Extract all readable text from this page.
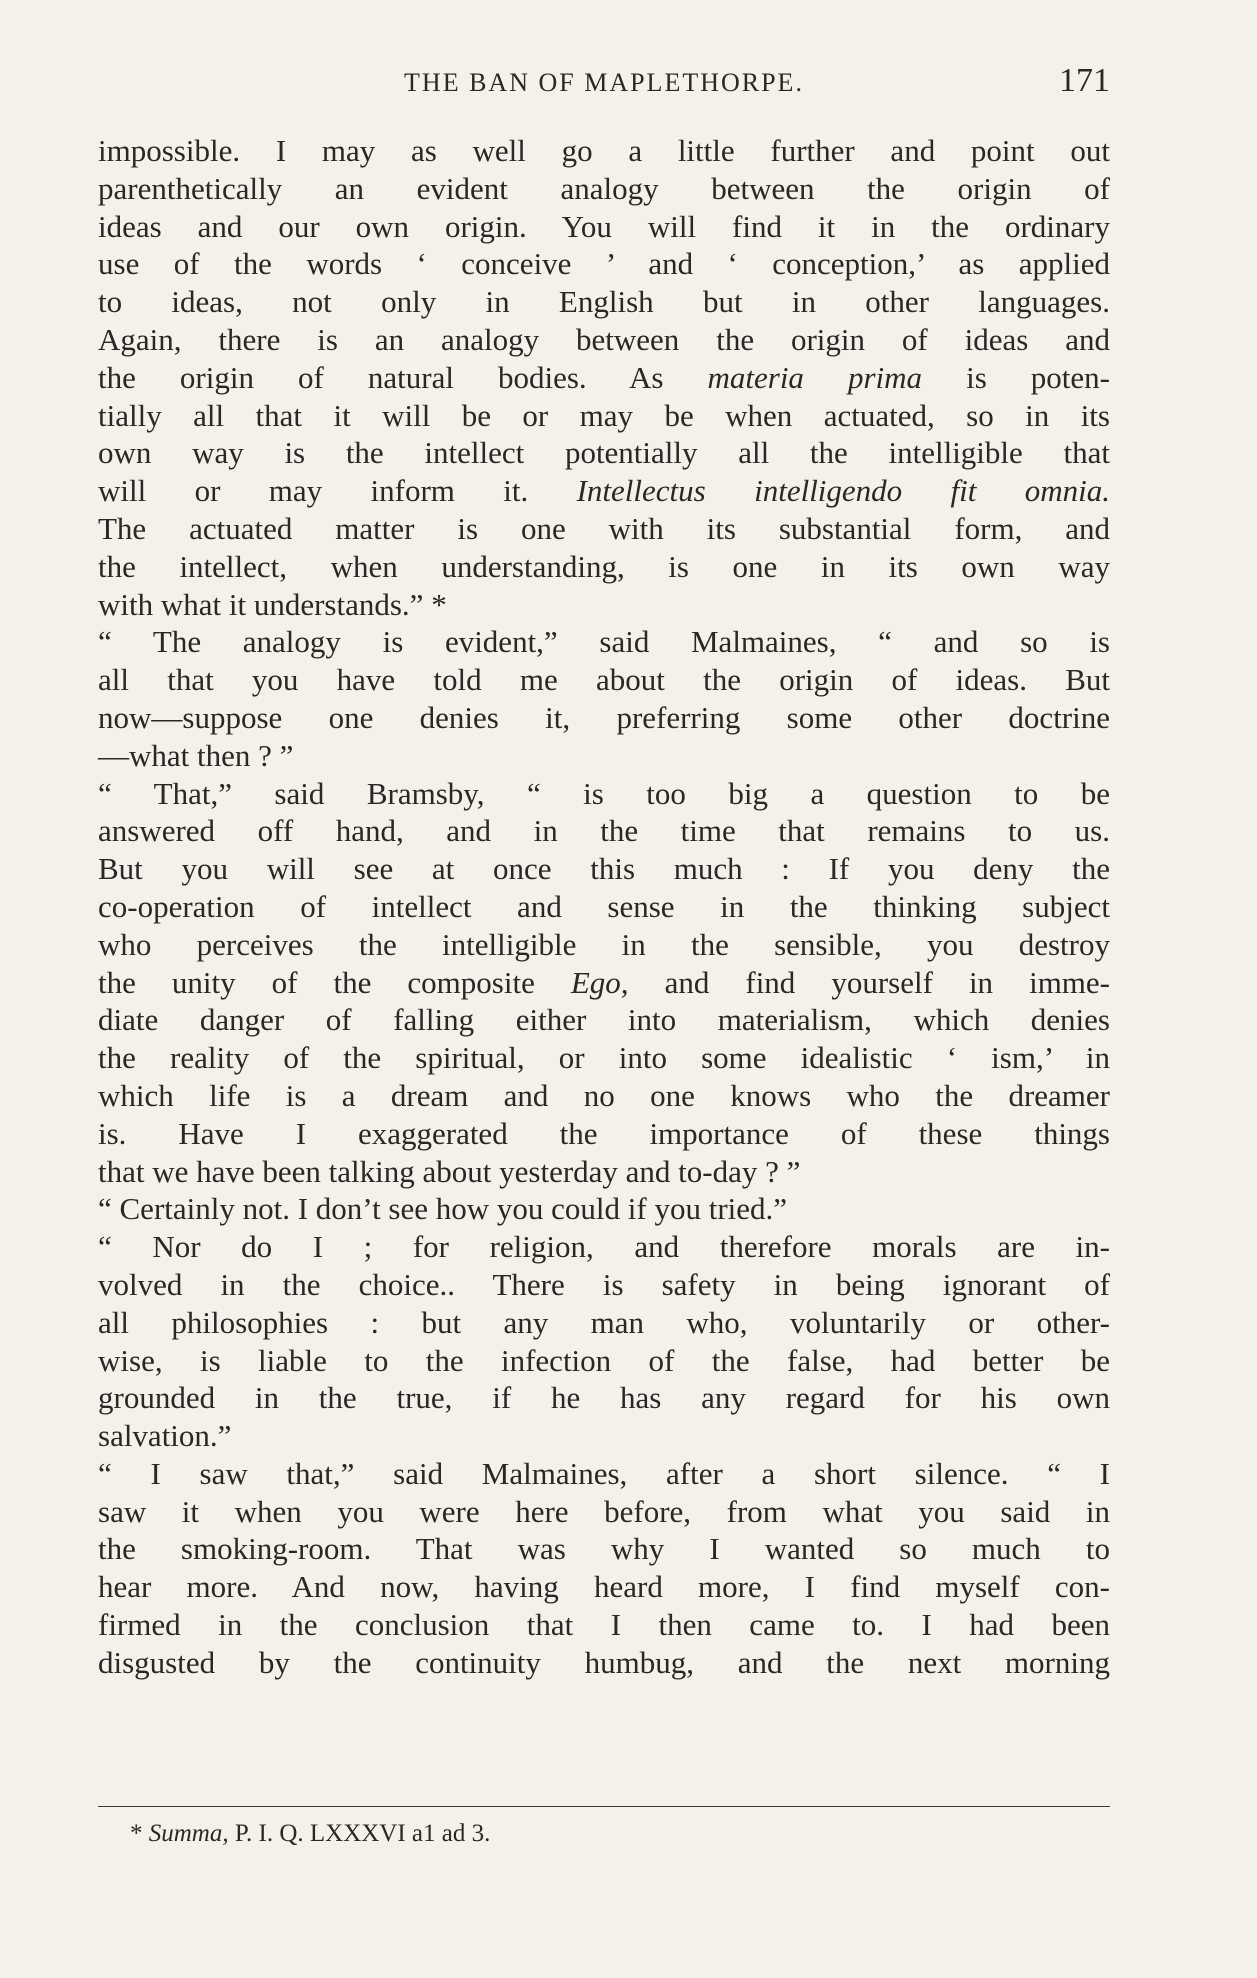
THE BAN OF MAPLETHORPE.	171
impossible. I may as well go a little further and point out
parenthetically an evident analogy between the origin of
ideas and our own origin. You will find it in the ordinary
use of the words ‘ conceive ’ and ‘ conception,’ as applied
to ideas, not only in English but in other languages.
Again, there is an analogy between the origin of ideas and
the origin of natural bodies. As materia prima is poten-
tially all that it will be or may be when actuated, so in its
own way is the intellect potentially all the intelligible that
will or may inform it. Intellectus intelligendo fit omnia.
The actuated matter is one with its substantial form, and
the intellect, when understanding, is one in its own way
with what it understands.” *
“ The analogy is evident,” said Malmaines, “ and so is
all that you have told me about the origin of ideas. But
now—suppose one denies it, preferring some other doctrine
—what then ? ”
“ That,” said Bramsby, “ is too big a question to be
answered off hand, and in the time that remains to us.
But you will see at once this much : If you deny the
co-operation of intellect and sense in the thinking subject
who perceives the intelligible in the sensible, you destroy
the unity of the composite Ego, and find yourself in imme-
diate danger of falling either into materialism, which denies
the reality of the spiritual, or into some idealistic ‘ ism,’ in
which life is a dream and no one knows who the dreamer
is. Have I exaggerated the importance of these things
that we have been talking about yesterday and to-day ? ”
“ Certainly not. I don’t see how you could if you tried.”
“ Nor do I ; for religion, and therefore morals are in-
volved in the choice.. There is safety in being ignorant of
all philosophies : but any man who, voluntarily or other-
wise, is liable to the infection of the false, had better be
grounded in the true, if he has any regard for his own
salvation.”
“ I saw that,” said Malmaines, after a short silence. “ I
saw it when you were here before, from what you said in
the smoking-room. That was why I wanted so much to
hear more. And now, having heard more, I find myself con-
firmed in the conclusion that I then came to. I had been
disgusted by the continuity humbug, and the next morning
* Summa, P. I. Q. LXXXVI a1 ad 3.
